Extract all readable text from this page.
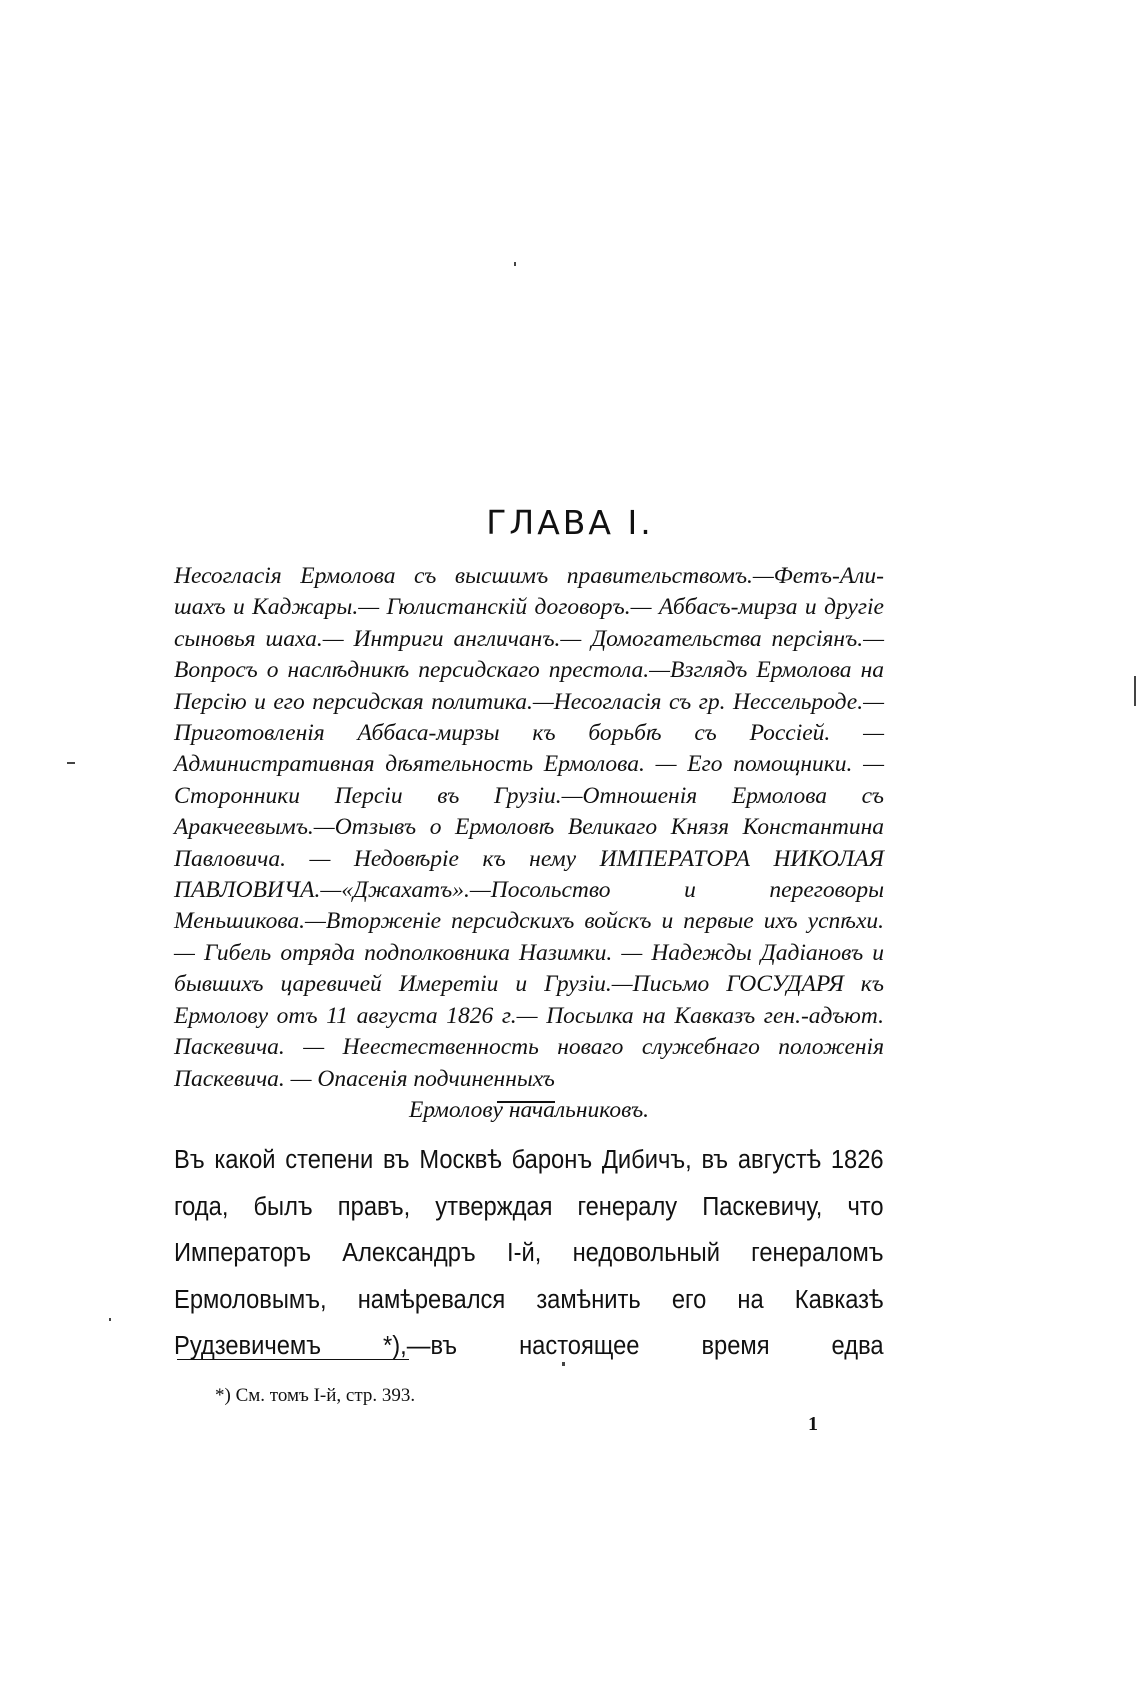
ГЛАВА I.
Несогласія Ермолова съ высшимъ правительствомъ.—Фетъ-Али-шахъ и Каджары.— Гюлистанскій договоръ.— Аббасъ-мирза и другіе сыновья шаха.— Интриги англичанъ.— Домогательства персіянъ.— Вопросъ о наслѣдникѣ персидскаго престола.—Взглядъ Ермолова на Персію и его персидская политика.—Несогласія съ гр. Нессельроде.— Приготовленія Аббаса-мирзы къ борьбѣ съ Россіей. — Административная дѣятельность Ермолова. — Его помощники. — Сторонники Персіи въ Грузіи.—Отношенія Ермолова съ Аракчеевымъ.—Отзывъ о Ермоловѣ Великаго Князя Константина Павловича. — Недовѣріе къ нему ИМПЕРАТОРА НИКОЛАЯ ПАВЛОВИЧА.—«Джахатъ».—Посольство и переговоры Меньшикова.—Вторженіе персидскихъ войскъ и первые ихъ успѣхи. — Гибель отряда подполковника Назимки. — Надежды Дадіановъ и бывшихъ царевичей Имеретіи и Грузіи.—Письмо ГОСУДАРЯ къ Ермолову отъ 11 августа 1826 г.— Посылка на Кавказъ ген.-адъют. Паскевича. — Неестественность новаго служебнаго положенія Паскевича. — Опасенія подчиненныхъ
Ермолову начальниковъ.

Въ какой степени въ Москвѣ баронъ Дибичъ, въ августѣ 1826 года, былъ правъ, утверждая генералу Паскевичу, что Императоръ Александръ I-й, недовольный генераломъ Ермоловымъ, намѣревался замѣнить его на Кавказѣ Рудзевичемъ *),—въ настоящее время едва

*) См. томъ I-й, стр. 393.

1
